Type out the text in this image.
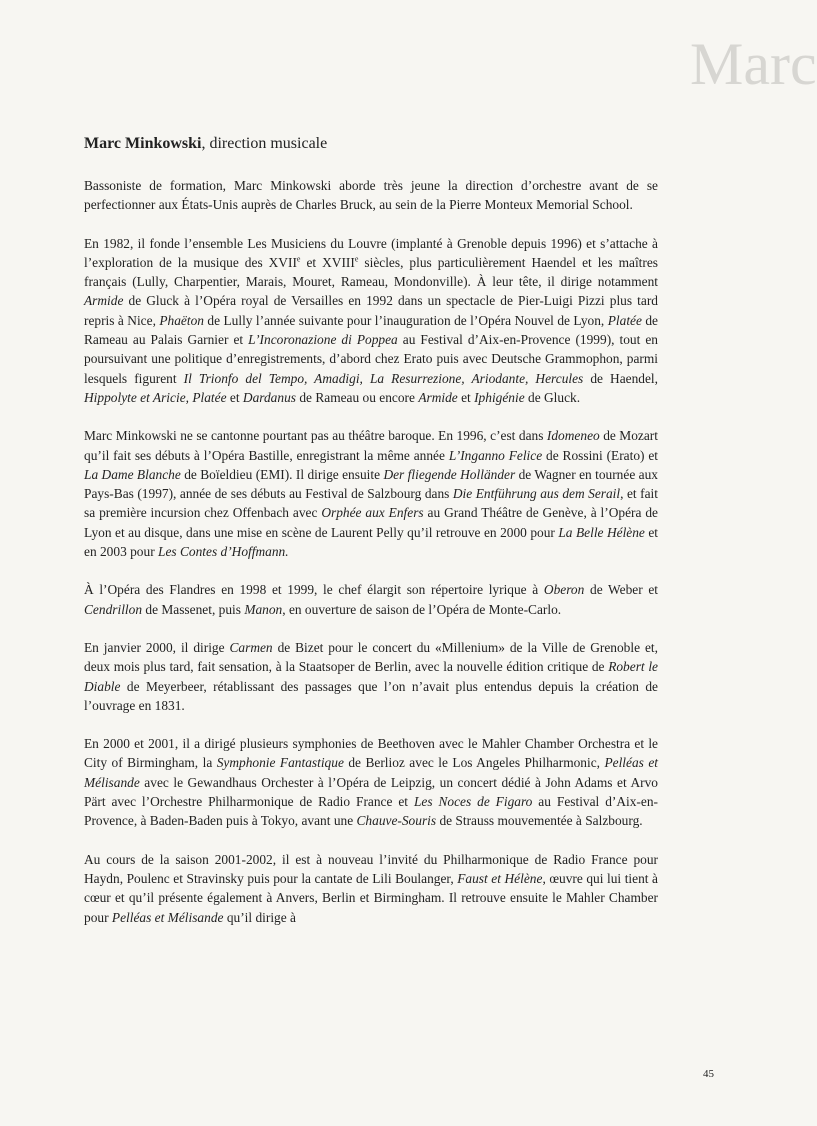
Marc
Marc Minkowski, direction musicale

Bassoniste de formation, Marc Minkowski aborde très jeune la direction d’orchestre avant de se perfectionner aux États-Unis auprès de Charles Bruck, au sein de la Pierre Monteux Memorial School.

En 1982, il fonde l’ensemble Les Musiciens du Louvre (implanté à Grenoble depuis 1996) et s’attache à l’exploration de la musique des XVIIe et XVIIIe siècles, plus particulièrement Haendel et les maîtres français (Lully, Charpentier, Marais, Mouret, Rameau, Mondonville). À leur tête, il dirige notamment Armide de Gluck à l’Opéra royal de Versailles en 1992 dans un spectacle de Pier-Luigi Pizzi plus tard repris à Nice, Phaëton de Lully l’année suivante pour l’inauguration de l’Opéra Nouvel de Lyon, Platée de Rameau au Palais Garnier et L’Incoronazione di Poppea au Festival d’Aix-en-Provence (1999), tout en poursuivant une politique d’enregistrements, d’abord chez Erato puis avec Deutsche Grammophon, parmi lesquels figurent Il Trionfo del Tempo, Amadigi, La Resurrezione, Ariodante, Hercules de Haendel, Hippolyte et Aricie, Platée et Dardanus de Rameau ou encore Armide et Iphigénie de Gluck.

Marc Minkowski ne se cantonne pourtant pas au théâtre baroque. En 1996, c’est dans Idomeneo de Mozart qu’il fait ses débuts à l’Opéra Bastille, enregistrant la même année L’Inganno Felice de Rossini (Erato) et La Dame Blanche de Boïeldieu (EMI). Il dirige ensuite Der fliegende Holländer de Wagner en tournée aux Pays-Bas (1997), année de ses débuts au Festival de Salzbourg dans Die Entführung aus dem Serail, et fait sa première incursion chez Offenbach avec Orphée aux Enfers au Grand Théâtre de Genève, à l’Opéra de Lyon et au disque, dans une mise en scène de Laurent Pelly qu’il retrouve en 2000 pour La Belle Hélène et en 2003 pour Les Contes d’Hoffmann.

À l’Opéra des Flandres en 1998 et 1999, le chef élargit son répertoire lyrique à Oberon de Weber et Cendrillon de Massenet, puis Manon, en ouverture de saison de l’Opéra de Monte-Carlo.

En janvier 2000, il dirige Carmen de Bizet pour le concert du «Millenium» de la Ville de Grenoble et, deux mois plus tard, fait sensation, à la Staatsoper de Berlin, avec la nouvelle édition critique de Robert le Diable de Meyerbeer, rétablissant des passages que l’on n’avait plus entendus depuis la création de l’ouvrage en 1831.

En 2000 et 2001, il a dirigé plusieurs symphonies de Beethoven avec le Mahler Chamber Orchestra et le City of Birmingham, la Symphonie Fantastique de Berlioz avec le Los Angeles Philharmonic, Pelléas et Mélisande avec le Gewandhaus Orchester à l’Opéra de Leipzig, un concert dédié à John Adams et Arvo Pärt avec l’Orchestre Philharmonique de Radio France et Les Noces de Figaro au Festival d’Aix-en-Provence, à Baden-Baden puis à Tokyo, avant une Chauve-Souris de Strauss mouvementée à Salzbourg.

Au cours de la saison 2001-2002, il est à nouveau l’invité du Philharmonique de Radio France pour Haydn, Poulenc et Stravinsky puis pour la cantate de Lili Boulanger, Faust et Hélène, œuvre qui lui tient à cœur et qu’il présente également à Anvers, Berlin et Birmingham. Il retrouve ensuite le Mahler Chamber pour Pelléas et Mélisande qu’il dirige à

45
